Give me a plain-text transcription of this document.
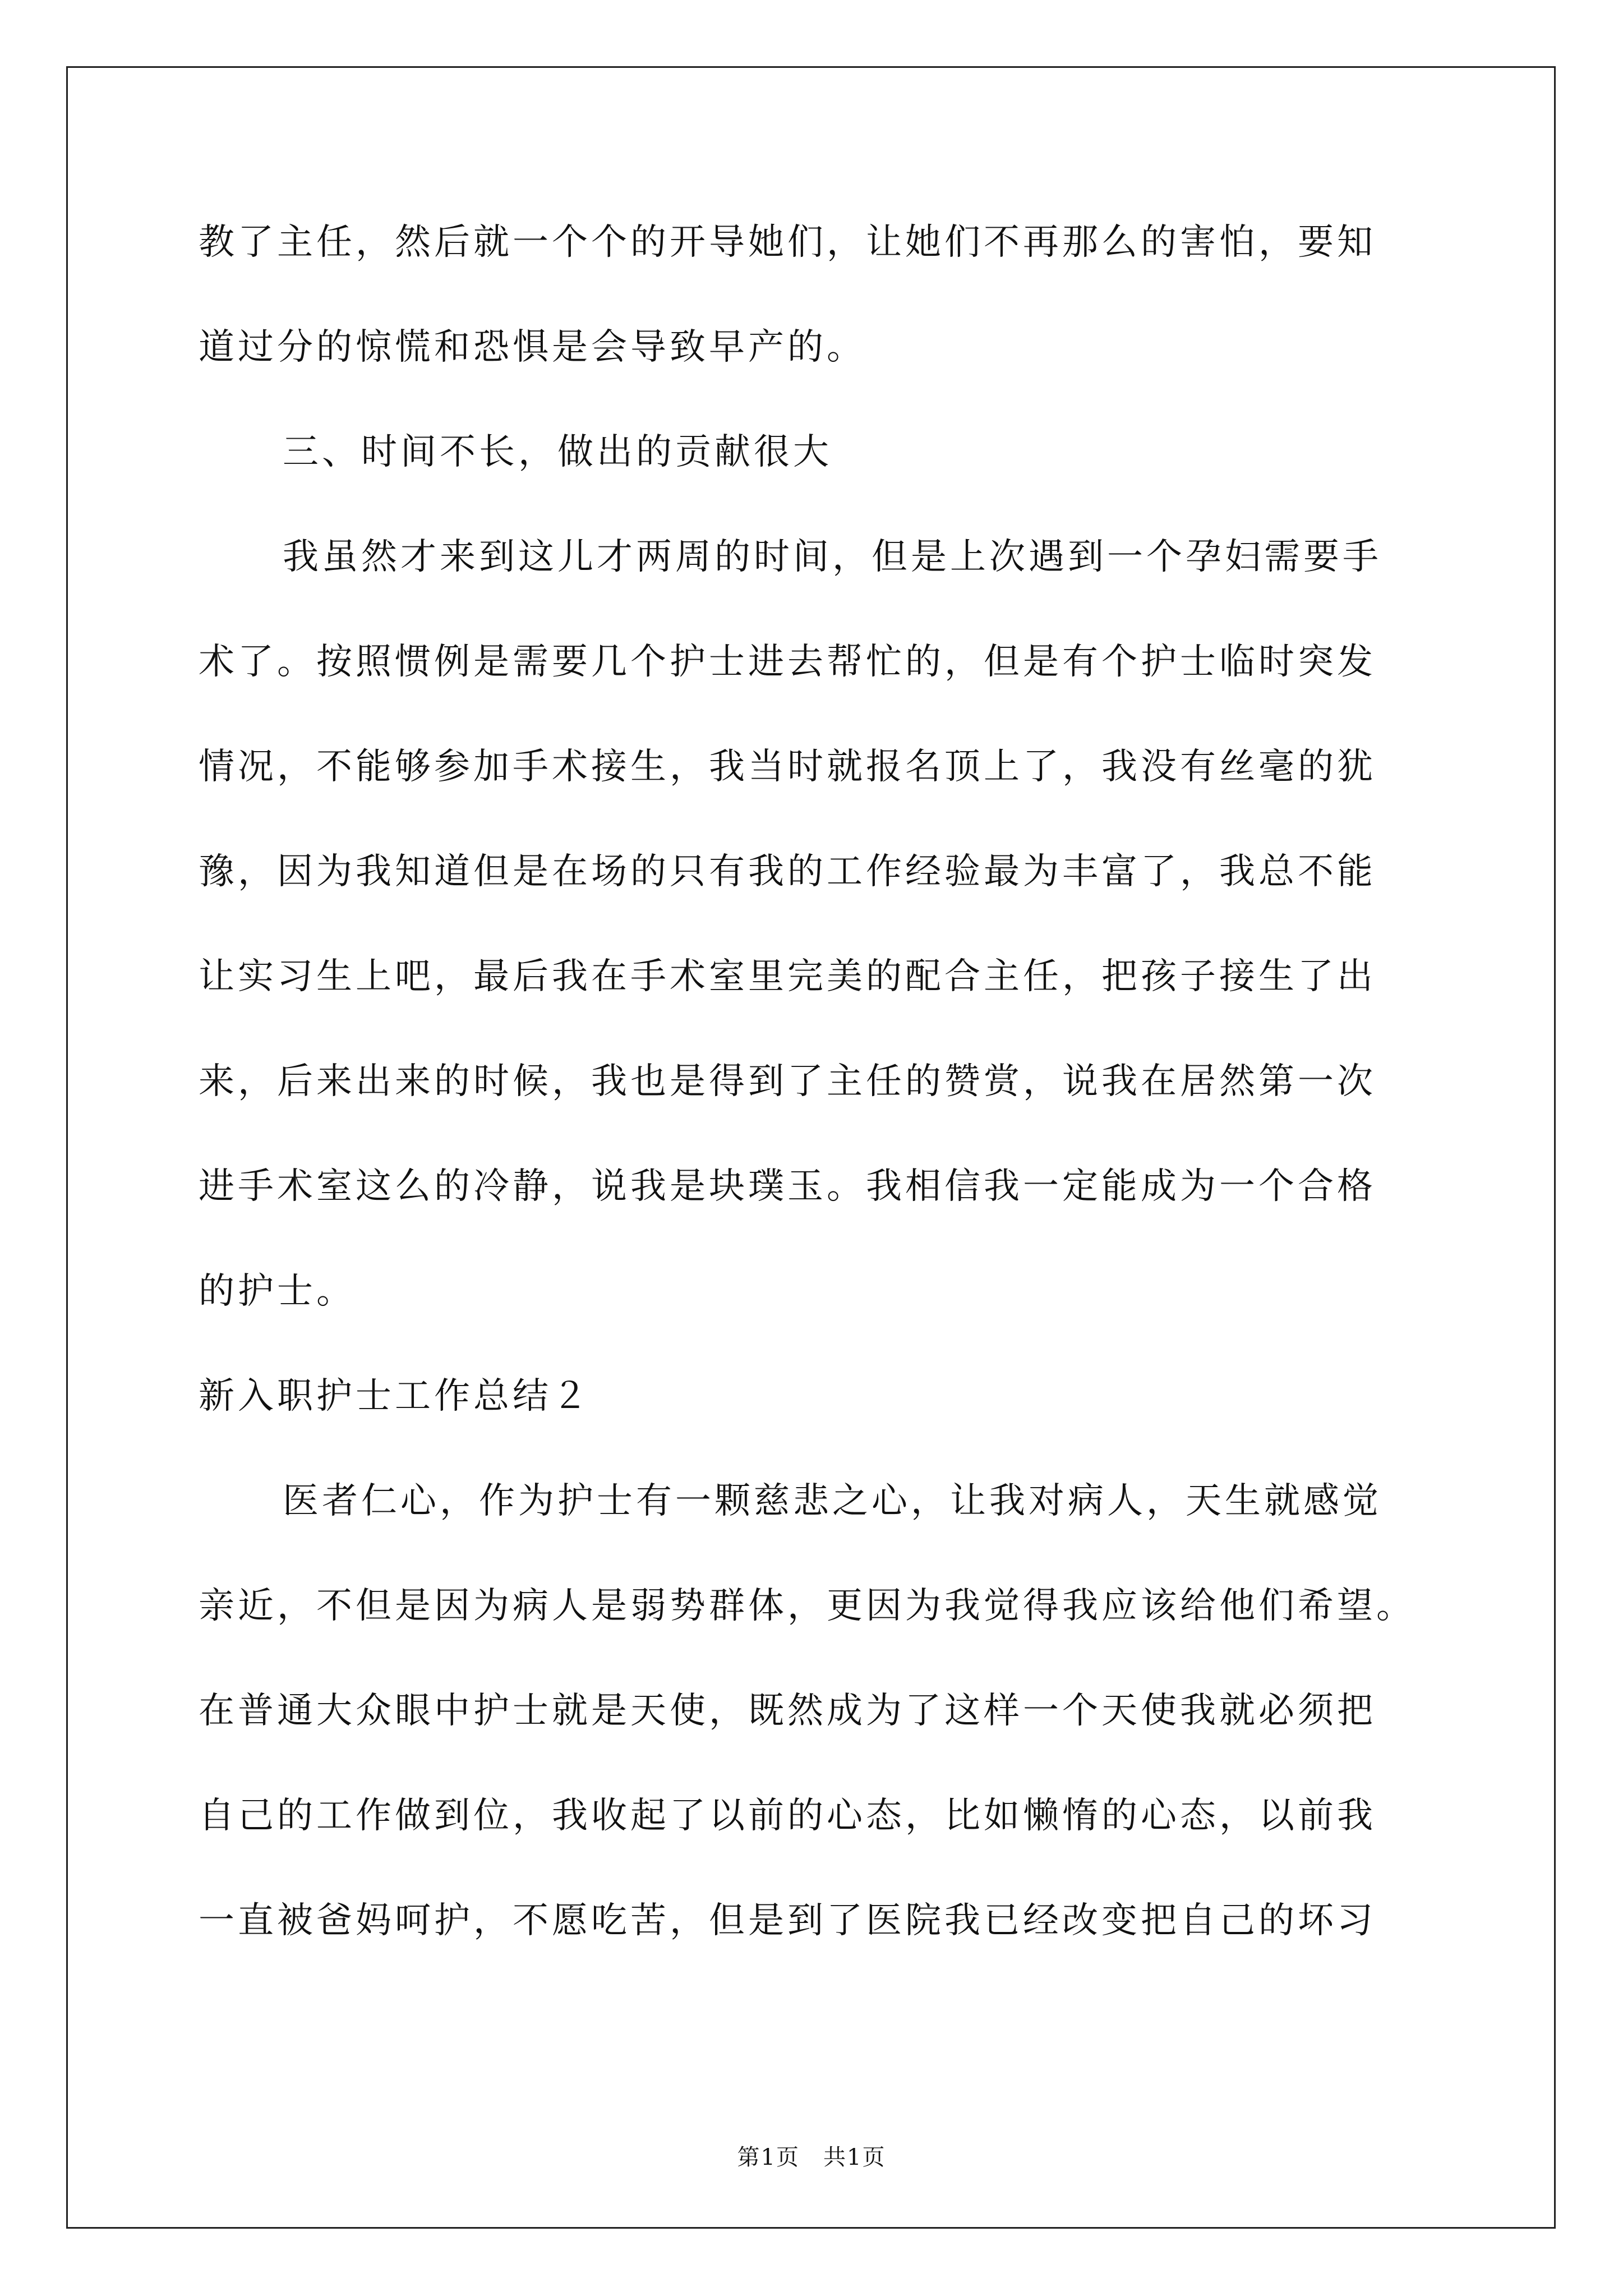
教了主任，然后就一个个的开导她们，让她们不再那么的害怕，要知
道过分的惊慌和恐惧是会导致早产的。
三、时间不长，做出的贡献很大
我虽然才来到这儿才两周的时间，但是上次遇到一个孕妇需要手
术了。按照惯例是需要几个护士进去帮忙的，但是有个护士临时突发
情况，不能够参加手术接生，我当时就报名顶上了，我没有丝毫的犹
豫，因为我知道但是在场的只有我的工作经验最为丰富了，我总不能
让实习生上吧，最后我在手术室里完美的配合主任，把孩子接生了出
来，后来出来的时候，我也是得到了主任的赞赏，说我在居然第一次
进手术室这么的冷静，说我是块璞玉。我相信我一定能成为一个合格
的护士。
新入职护士工作总结２
医者仁心，作为护士有一颗慈悲之心，让我对病人，天生就感觉
亲近，不但是因为病人是弱势群体，更因为我觉得我应该给他们希望。
在普通大众眼中护士就是天使，既然成为了这样一个天使我就必须把
自己的工作做到位，我收起了以前的心态，比如懒惰的心态，以前我
一直被爸妈呵护，不愿吃苦，但是到了医院我已经改变把自己的坏习
第1页　共1页
